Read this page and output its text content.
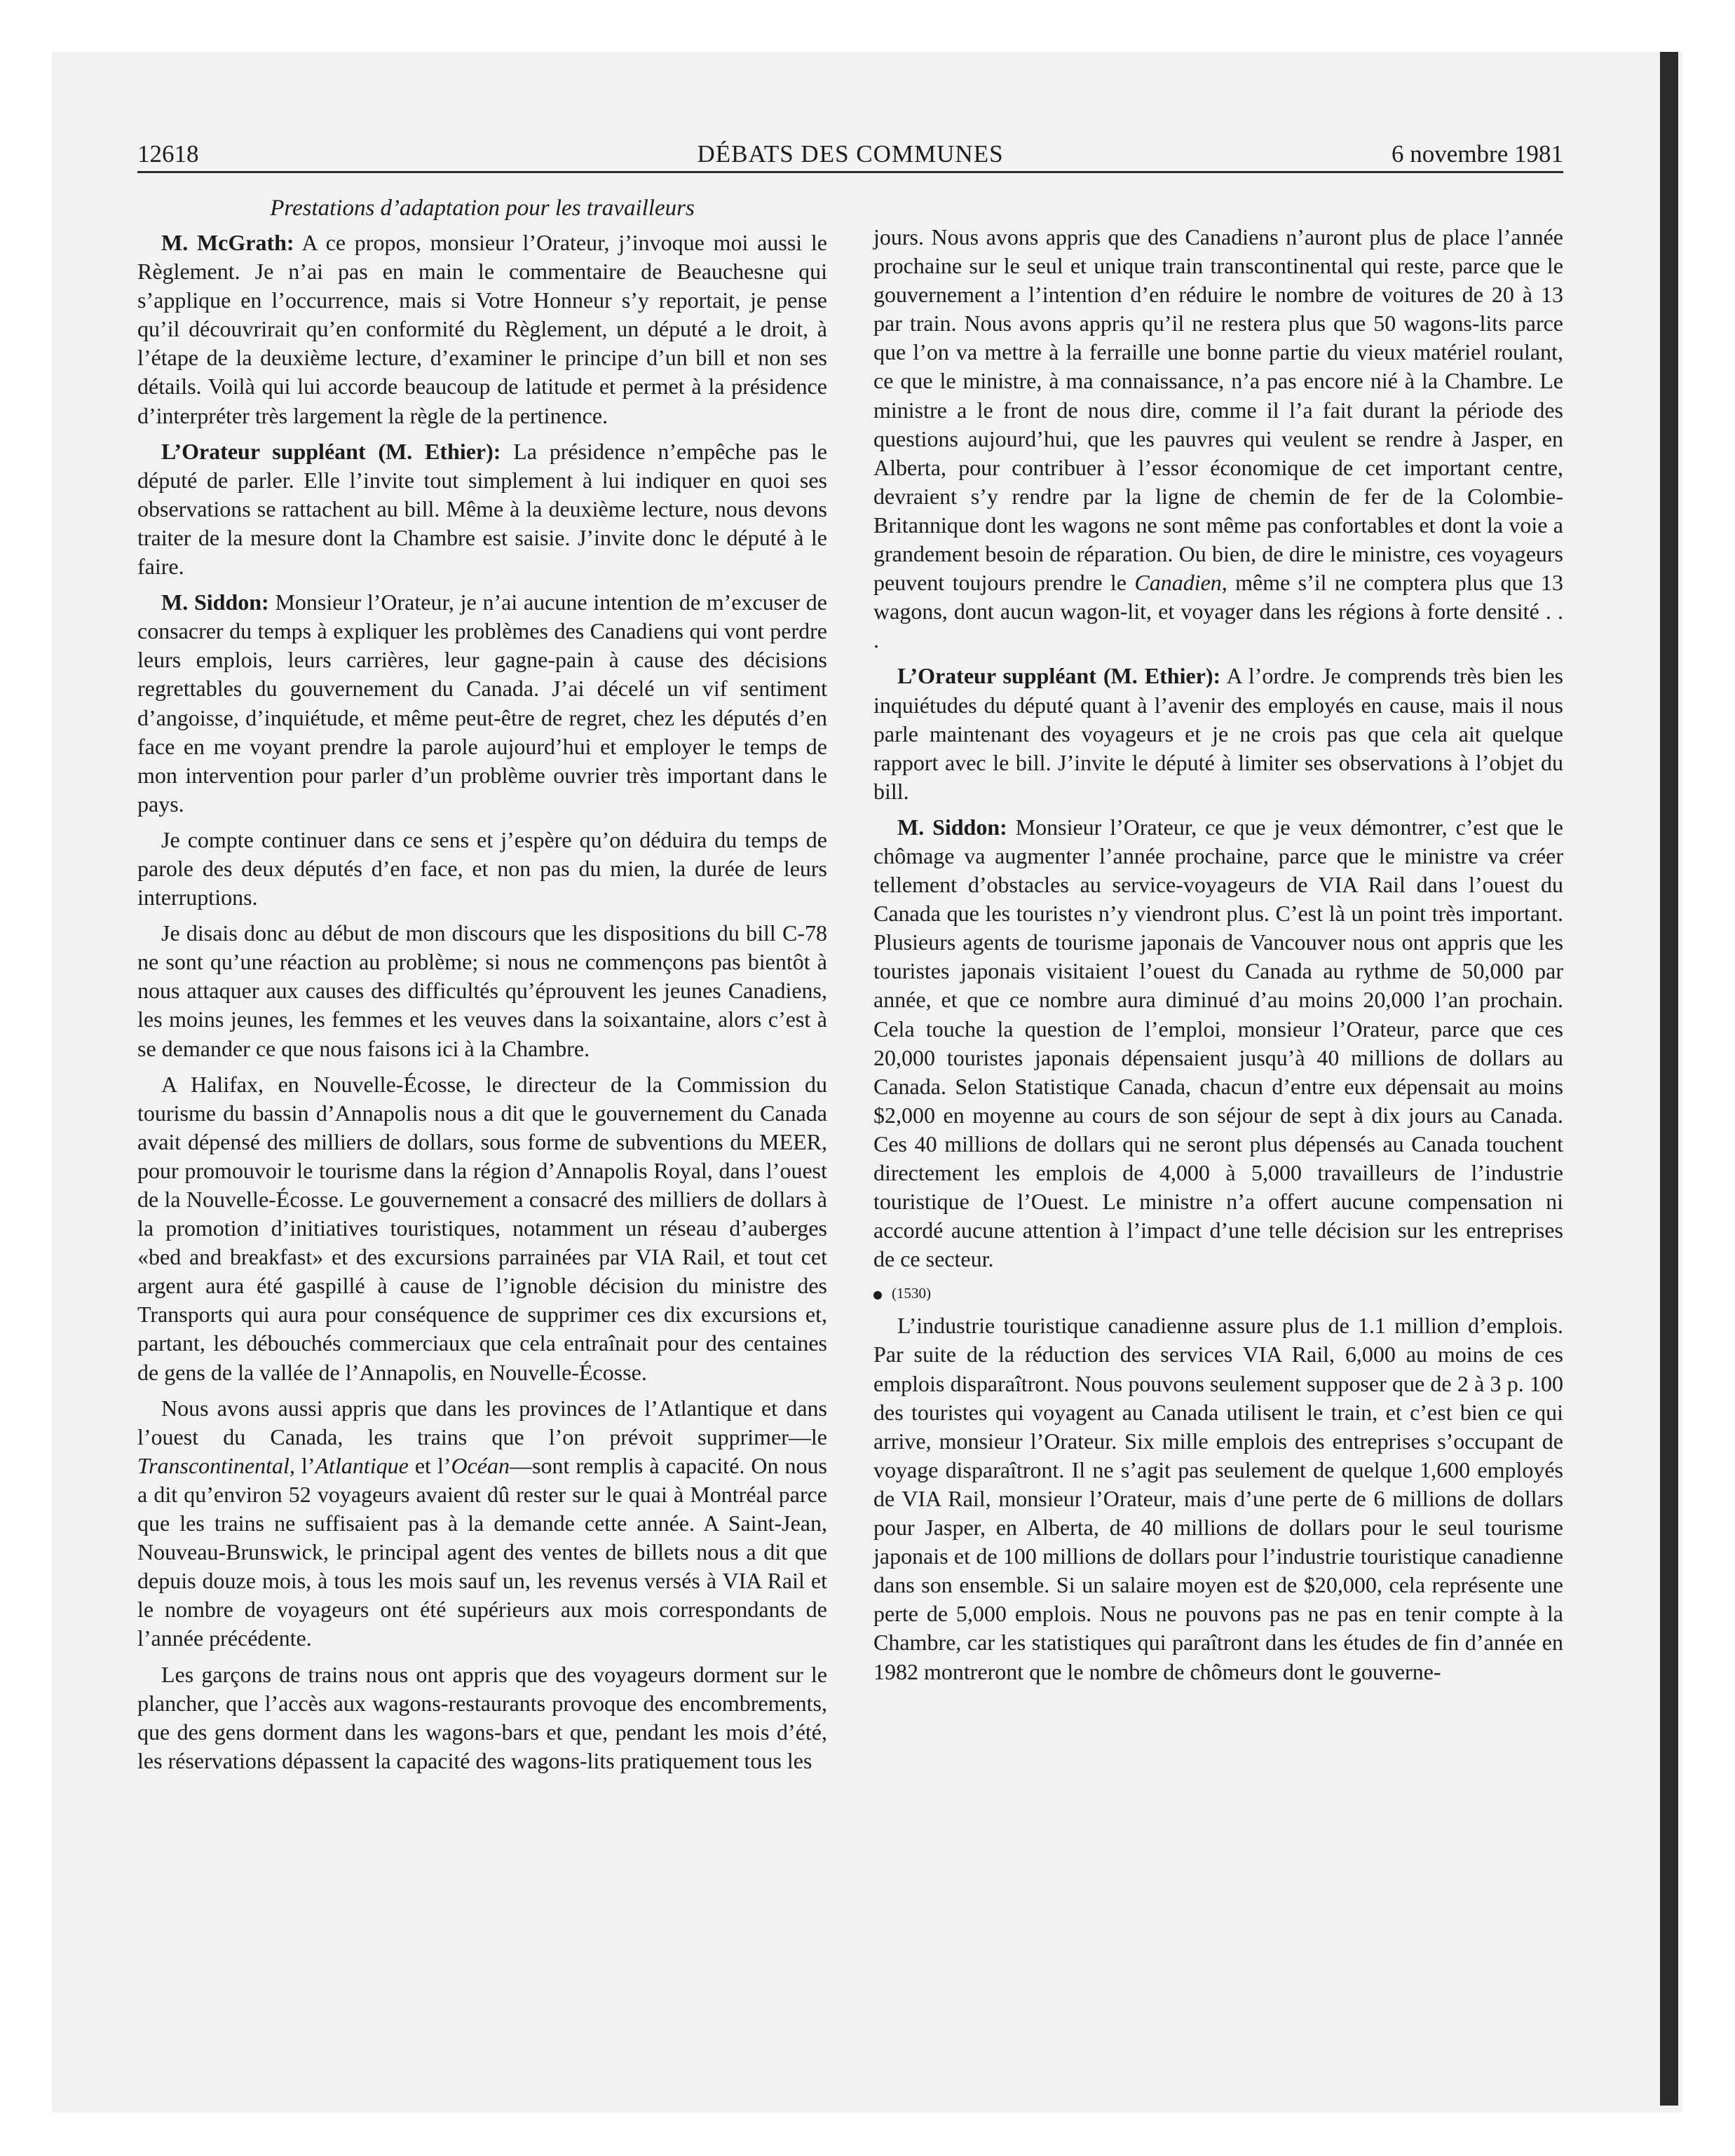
12618	DÉBATS DES COMMUNES	6 novembre 1981
Prestations d’adaptation pour les travailleurs

M. McGrath: A ce propos, monsieur l’Orateur, j’invoque moi aussi le Règlement. Je n’ai pas en main le commentaire de Beauchesne qui s’applique en l’occurrence, mais si Votre Honneur s’y reportait, je pense qu’il découvrirait qu’en conformité du Règlement, un député a le droit, à l’étape de la deuxième lecture, d’examiner le principe d’un bill et non ses détails. Voilà qui lui accorde beaucoup de latitude et permet à la présidence d’interpréter très largement la règle de la pertinence.

L’Orateur suppléant (M. Ethier): La présidence n’empêche pas le député de parler. Elle l’invite tout simplement à lui indiquer en quoi ses observations se rattachent au bill. Même à la deuxième lecture, nous devons traiter de la mesure dont la Chambre est saisie. J’invite donc le député à le faire.

M. Siddon: Monsieur l’Orateur, je n’ai aucune intention de m’excuser de consacrer du temps à expliquer les problèmes des Canadiens qui vont perdre leurs emplois, leurs carrières, leur gagne-pain à cause des décisions regrettables du gouvernement du Canada. J’ai décelé un vif sentiment d’angoisse, d’inquiétude, et même peut-être de regret, chez les députés d’en face en me voyant prendre la parole aujourd’hui et employer le temps de mon intervention pour parler d’un problème ouvrier très important dans le pays.

Je compte continuer dans ce sens et j’espère qu’on déduira du temps de parole des deux députés d’en face, et non pas du mien, la durée de leurs interruptions.

Je disais donc au début de mon discours que les dispositions du bill C-78 ne sont qu’une réaction au problème; si nous ne commençons pas bientôt à nous attaquer aux causes des difficultés qu’éprouvent les jeunes Canadiens, les moins jeunes, les femmes et les veuves dans la soixantaine, alors c’est à se demander ce que nous faisons ici à la Chambre.

A Halifax, en Nouvelle-Écosse, le directeur de la Commission du tourisme du bassin d’Annapolis nous a dit que le gouvernement du Canada avait dépensé des milliers de dollars, sous forme de subventions du MEER, pour promouvoir le tourisme dans la région d’Annapolis Royal, dans l’ouest de la Nouvelle-Écosse. Le gouvernement a consacré des milliers de dollars à la promotion d’initiatives touristiques, notamment un réseau d’auberges «bed and breakfast» et des excursions parrainées par VIA Rail, et tout cet argent aura été gaspillé à cause de l’ignoble décision du ministre des Transports qui aura pour conséquence de supprimer ces dix excursions et, partant, les débouchés commerciaux que cela entraînait pour des centaines de gens de la vallée de l’Annapolis, en Nouvelle-Écosse.

Nous avons aussi appris que dans les provinces de l’Atlantique et dans l’ouest du Canada, les trains que l’on prévoit supprimer—le Transcontinental, l’Atlantique et l’Océan—sont remplis à capacité. On nous a dit qu’environ 52 voyageurs avaient dû rester sur le quai à Montréal parce que les trains ne suffisaient pas à la demande cette année. A Saint-Jean, Nouveau-Brunswick, le principal agent des ventes de billets nous a dit que depuis douze mois, à tous les mois sauf un, les revenus versés à VIA Rail et le nombre de voyageurs ont été supérieurs aux mois correspondants de l’année précédente.

Les garçons de trains nous ont appris que des voyageurs dorment sur le plancher, que l’accès aux wagons-restaurants provoque des encombrements, que des gens dorment dans les wagons-bars et que, pendant les mois d’été, les réservations dépassent la capacité des wagons-lits pratiquement tous les

jours. Nous avons appris que des Canadiens n’auront plus de place l’année prochaine sur le seul et unique train transcontinental qui reste, parce que le gouvernement a l’intention d’en réduire le nombre de voitures de 20 à 13 par train. Nous avons appris qu’il ne restera plus que 50 wagons-lits parce que l’on va mettre à la ferraille une bonne partie du vieux matériel roulant, ce que le ministre, à ma connaissance, n’a pas encore nié à la Chambre. Le ministre a le front de nous dire, comme il l’a fait durant la période des questions aujourd’hui, que les pauvres qui veulent se rendre à Jasper, en Alberta, pour contribuer à l’essor économique de cet important centre, devraient s’y rendre par la ligne de chemin de fer de la Colombie-Britannique dont les wagons ne sont même pas confortables et dont la voie a grandement besoin de réparation. Ou bien, de dire le ministre, ces voyageurs peuvent toujours prendre le Canadien, même s’il ne comptera plus que 13 wagons, dont aucun wagon-lit, et voyager dans les régions à forte densité . . .

L’Orateur suppléant (M. Ethier): A l’ordre. Je comprends très bien les inquiétudes du député quant à l’avenir des employés en cause, mais il nous parle maintenant des voyageurs et je ne crois pas que cela ait quelque rapport avec le bill. J’invite le député à limiter ses observations à l’objet du bill.

M. Siddon: Monsieur l’Orateur, ce que je veux démontrer, c’est que le chômage va augmenter l’année prochaine, parce que le ministre va créer tellement d’obstacles au service-voyageurs de VIA Rail dans l’ouest du Canada que les touristes n’y viendront plus. C’est là un point très important. Plusieurs agents de tourisme japonais de Vancouver nous ont appris que les touristes japonais visitaient l’ouest du Canada au rythme de 50,000 par année, et que ce nombre aura diminué d’au moins 20,000 l’an prochain. Cela touche la question de l’emploi, monsieur l’Orateur, parce que ces 20,000 touristes japonais dépensaient jusqu’à 40 millions de dollars au Canada. Selon Statistique Canada, chacun d’entre eux dépensait au moins $2,000 en moyenne au cours de son séjour de sept à dix jours au Canada. Ces 40 millions de dollars qui ne seront plus dépensés au Canada touchent directement les emplois de 4,000 à 5,000 travailleurs de l’industrie touristique de l’Ouest. Le ministre n’a offert aucune compensation ni accordé aucune attention à l’impact d’une telle décision sur les entreprises de ce secteur.

(1530)

L’industrie touristique canadienne assure plus de 1.1 million d’emplois. Par suite de la réduction des services VIA Rail, 6,000 au moins de ces emplois disparaîtront. Nous pouvons seulement supposer que de 2 à 3 p. 100 des touristes qui voyagent au Canada utilisent le train, et c’est bien ce qui arrive, monsieur l’Orateur. Six mille emplois des entreprises s’occupant de voyage disparaîtront. Il ne s’agit pas seulement de quelque 1,600 employés de VIA Rail, monsieur l’Orateur, mais d’une perte de 6 millions de dollars pour Jasper, en Alberta, de 40 millions de dollars pour le seul tourisme japonais et de 100 millions de dollars pour l’industrie touristique canadienne dans son ensemble. Si un salaire moyen est de $20,000, cela représente une perte de 5,000 emplois. Nous ne pouvons pas ne pas en tenir compte à la Chambre, car les statistiques qui paraîtront dans les études de fin d’année en 1982 montreront que le nombre de chômeurs dont le gouverne-
